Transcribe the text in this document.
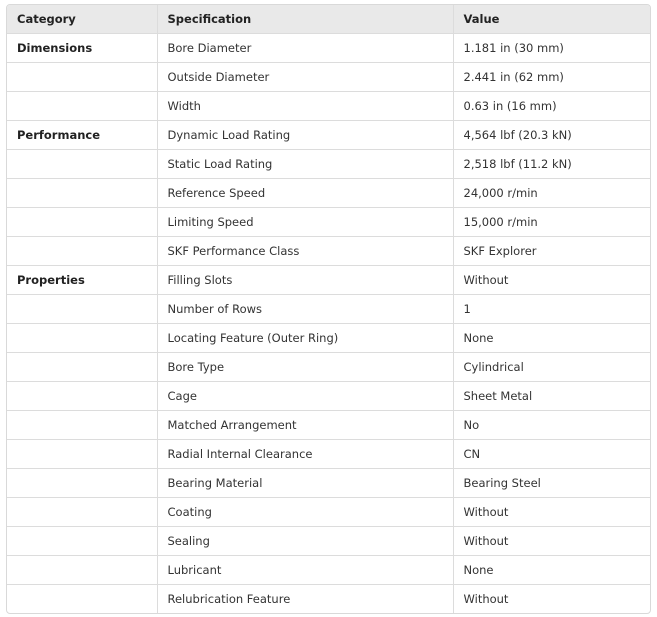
Category	Specification	Value
Dimensions	Bore Diameter	1.181 in (30 mm)
	Outside Diameter	2.441 in (62 mm)
	Width	0.63 in (16 mm)
Performance	Dynamic Load Rating	4,564 lbf (20.3 kN)
	Static Load Rating	2,518 lbf (11.2 kN)
	Reference Speed	24,000 r/min
	Limiting Speed	15,000 r/min
	SKF Performance Class	SKF Explorer
Properties	Filling Slots	Without
	Number of Rows	1
	Locating Feature (Outer Ring)	None
	Bore Type	Cylindrical
	Cage	Sheet Metal
	Matched Arrangement	No
	Radial Internal Clearance	CN
	Bearing Material	Bearing Steel
	Coating	Without
	Sealing	Without
	Lubricant	None
	Relubrication Feature	Without
